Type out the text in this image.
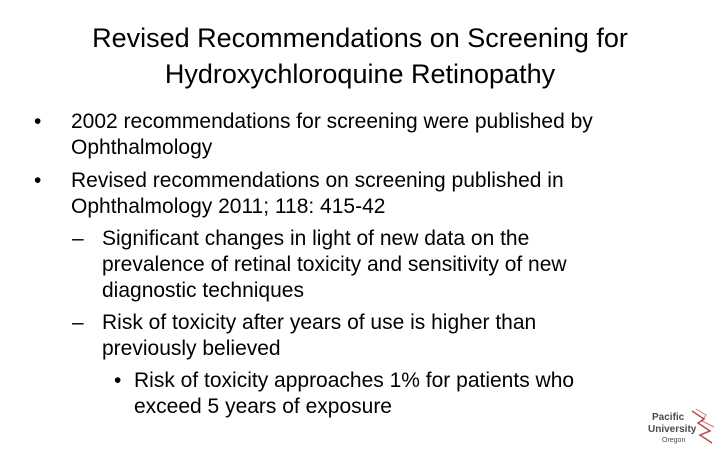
Revised Recommendations on Screening for
Hydroxychloroquine Retinopathy
• 2002 recommendations for screening were published by
Ophthalmology
• Revised recommendations on screening published in
Ophthalmology 2011; 118: 415-42
– Significant changes in light of new data on the
prevalence of retinal toxicity and sensitivity of new
diagnostic techniques
– Risk of toxicity after years of use is higher than
previously believed
• Risk of toxicity approaches 1% for patients who
exceed 5 years of exposure	Pacific
University
Oregon
